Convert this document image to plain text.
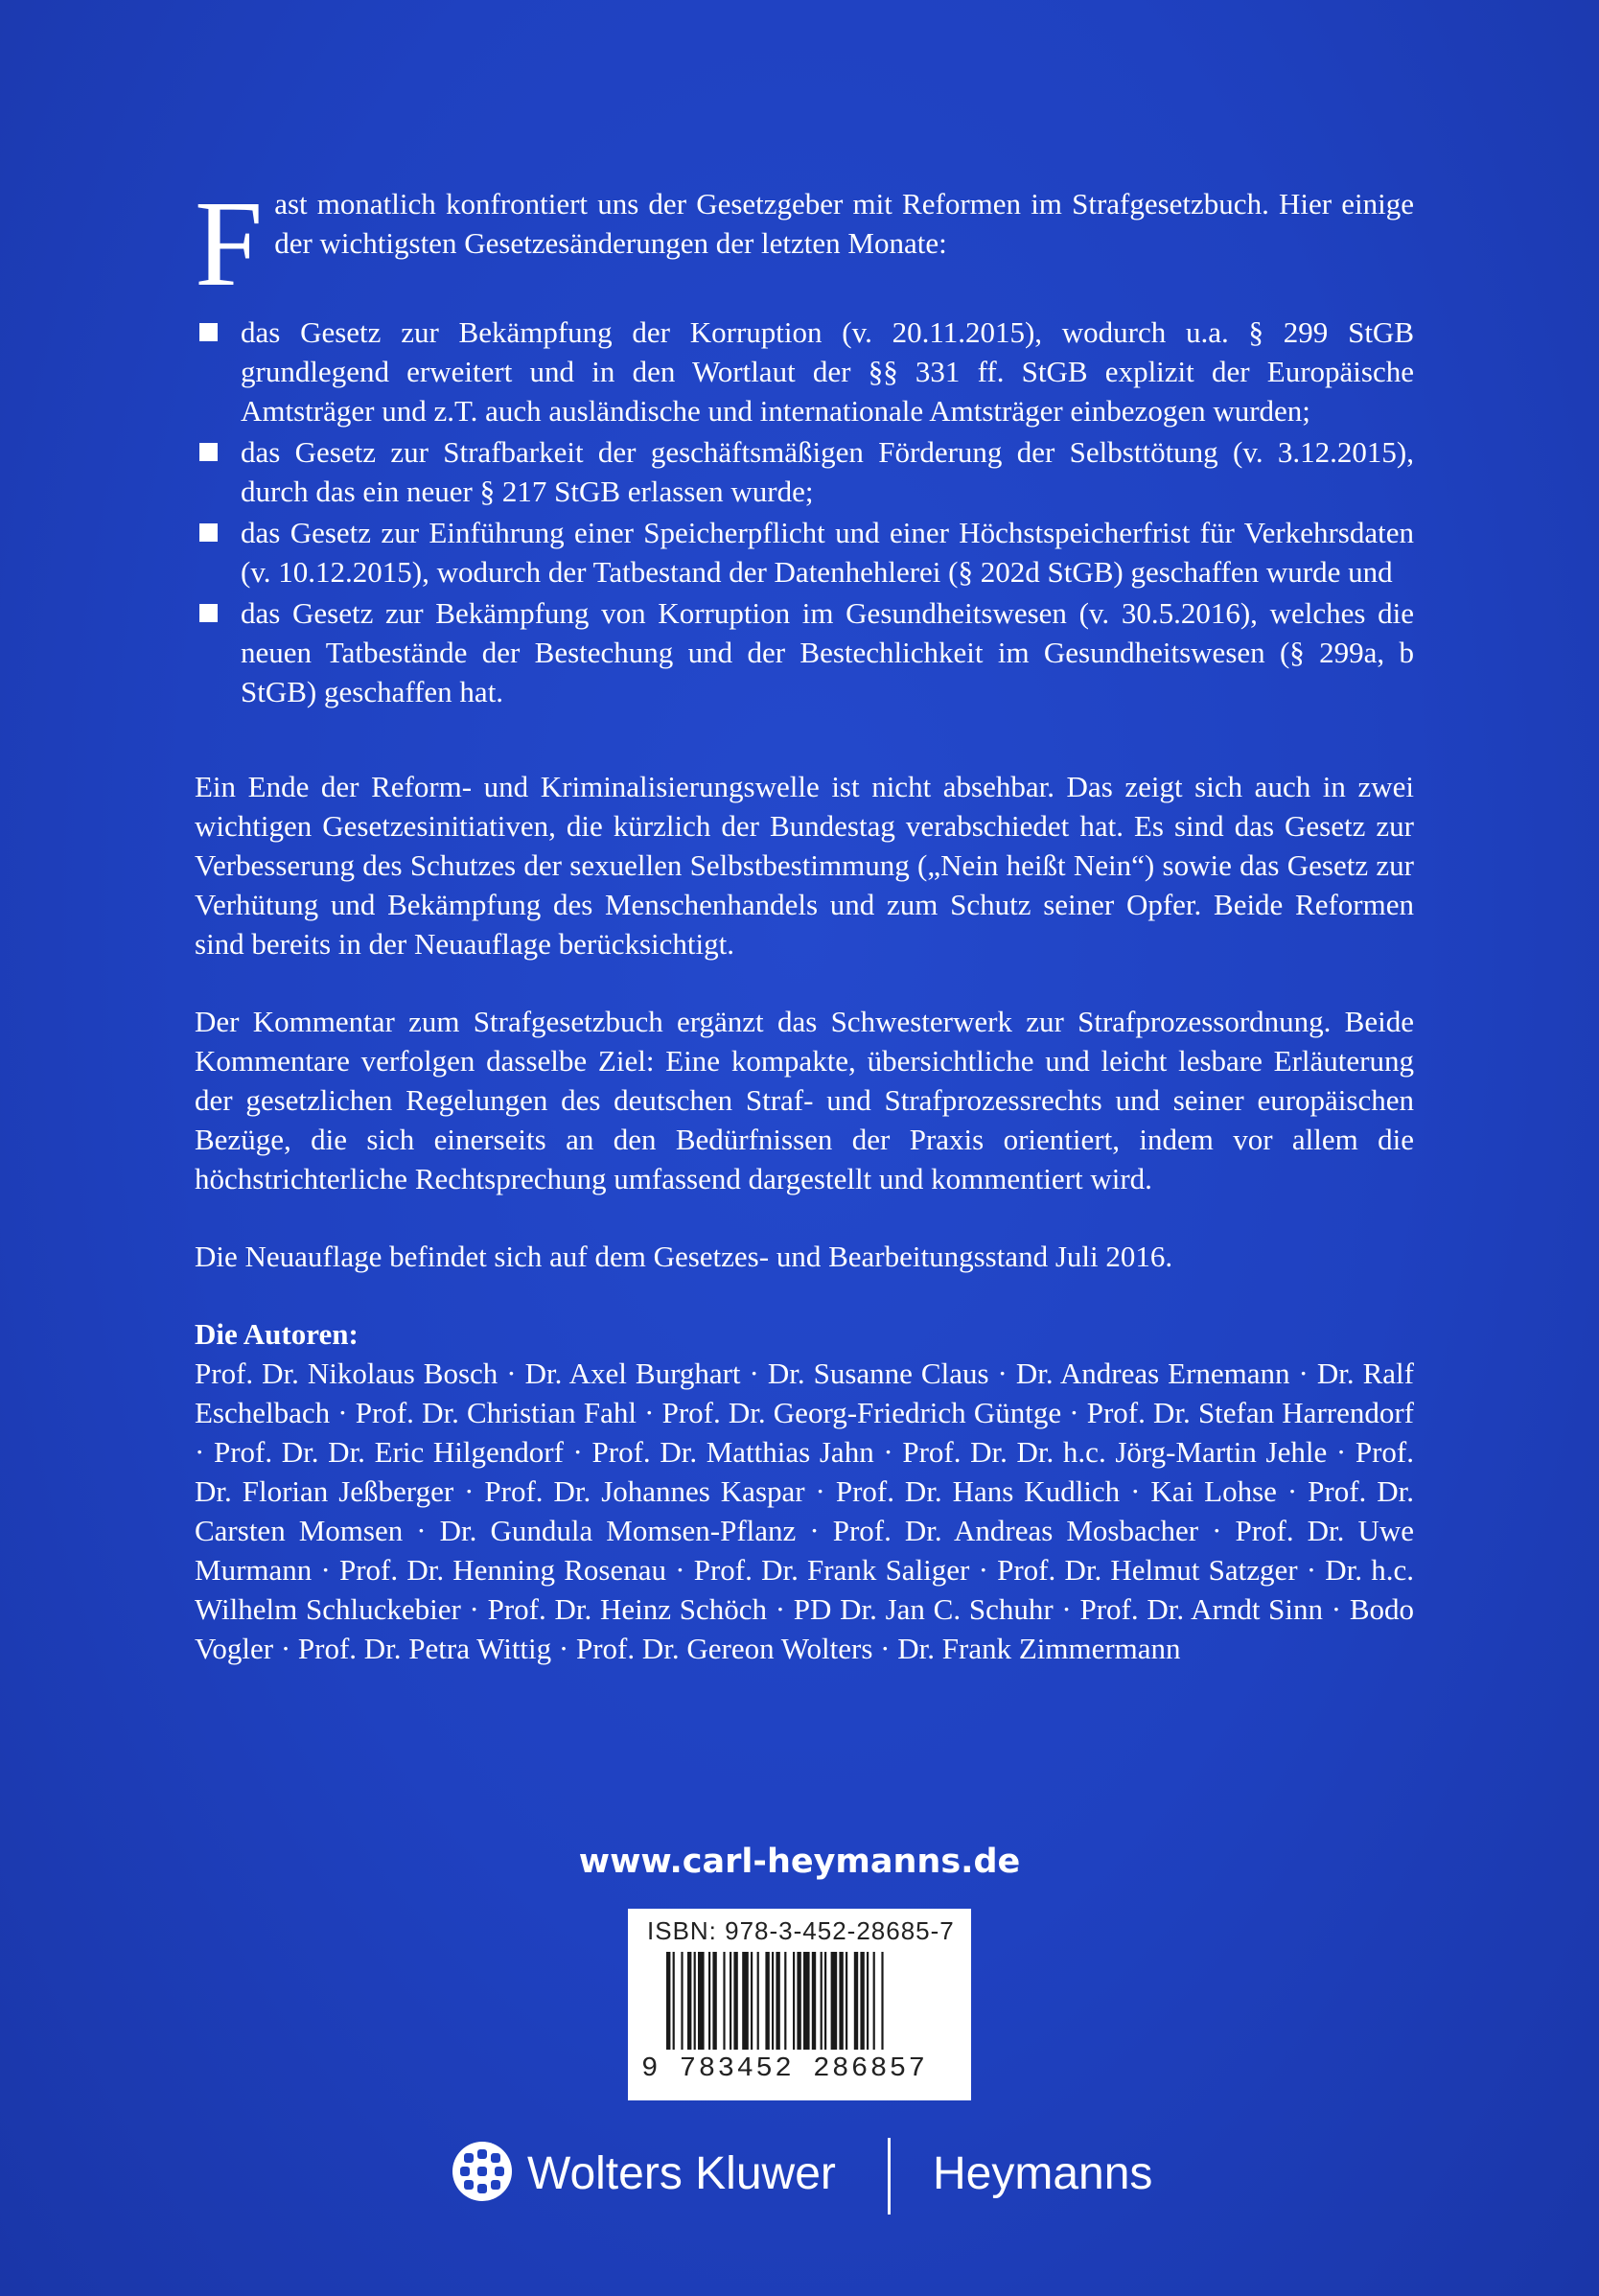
F ast monatlich konfrontiert uns der Gesetzgeber mit Reformen im Strafgesetzbuch. Hier einige der wichtigsten Gesetzesänderungen der letzten Monate:

das Gesetz zur Bekämpfung der Korruption (v. 20.11.2015), wodurch u.a. § 299 StGB grundlegend erweitert und in den Wortlaut der §§ 331 ff. StGB explizit der Europäische Amtsträger und z.T. auch ausländische und internationale Amtsträger einbezogen wurden;
das Gesetz zur Strafbarkeit der geschäftsmäßigen Förderung der Selbsttötung (v. 3.12.2015), durch das ein neuer § 217 StGB erlassen wurde;
das Gesetz zur Einführung einer Speicherpflicht und einer Höchstspeicherfrist für Verkehrsdaten (v. 10.12.2015), wodurch der Tatbestand der Datenhehlerei (§ 202d StGB) geschaffen wurde und
das Gesetz zur Bekämpfung von Korruption im Gesundheitswesen (v. 30.5.2016), welches die neuen Tatbestände der Bestechung und der Bestechlichkeit im Gesundheitswesen (§ 299a, b StGB) geschaffen hat.

Ein Ende der Reform- und Kriminalisierungswelle ist nicht absehbar. Das zeigt sich auch in zwei wichtigen Gesetzesinitiativen, die kürzlich der Bundestag verabschiedet hat. Es sind das Gesetz zur Verbesserung des Schutzes der sexuellen Selbstbestimmung („Nein heißt Nein“) sowie das Gesetz zur Verhütung und Bekämpfung des Menschenhandels und zum Schutz seiner Opfer. Beide Reformen sind bereits in der Neuauflage berücksichtigt.

Der Kommentar zum Strafgesetzbuch ergänzt das Schwesterwerk zur Strafprozessordnung. Beide Kommentare verfolgen dasselbe Ziel: Eine kompakte, übersichtliche und leicht lesbare Erläuterung der gesetzlichen Regelungen des deutschen Straf- und Strafprozessrechts und seiner europäischen Bezüge, die sich einerseits an den Bedürfnissen der Praxis orientiert, indem vor allem die höchstrichterliche Rechtsprechung umfassend dargestellt und kommentiert wird.

Die Neuauflage befindet sich auf dem Gesetzes- und Bearbeitungsstand Juli 2016.

Die Autoren:

Prof. Dr. Nikolaus Bosch · Dr. Axel Burghart · Dr. Susanne Claus · Dr. Andreas Ernemann · Dr. Ralf Eschelbach · Prof. Dr. Christian Fahl · Prof. Dr. Georg-Friedrich Güntge · Prof. Dr. Stefan Harrendorf · Prof. Dr. Dr. Eric Hilgendorf · Prof. Dr. Matthias Jahn · Prof. Dr. Dr. h.c. Jörg-Martin Jehle · Prof. Dr. Florian Jeßberger · Prof. Dr. Johannes Kaspar · Prof. Dr. Hans Kudlich · Kai Lohse · Prof. Dr. Carsten Momsen · Dr. Gundula Momsen-Pflanz · Prof. Dr. Andreas Mosbacher · Prof. Dr. Uwe Murmann · Prof. Dr. Henning Rosenau · Prof. Dr. Frank Saliger · Prof. Dr. Helmut Satzger · Dr. h.c. Wilhelm Schluckebier · Prof. Dr. Heinz Schöch · PD Dr. Jan C. Schuhr · Prof. Dr. Arndt Sinn · Bodo Vogler · Prof. Dr. Petra Wittig · Prof. Dr. Gereon Wolters · Dr. Frank Zimmermann

www.carl-heymanns.de
ISBN: 978-3-452-28685-7
9 783452 286857
Wolters Kluwer Heymanns
